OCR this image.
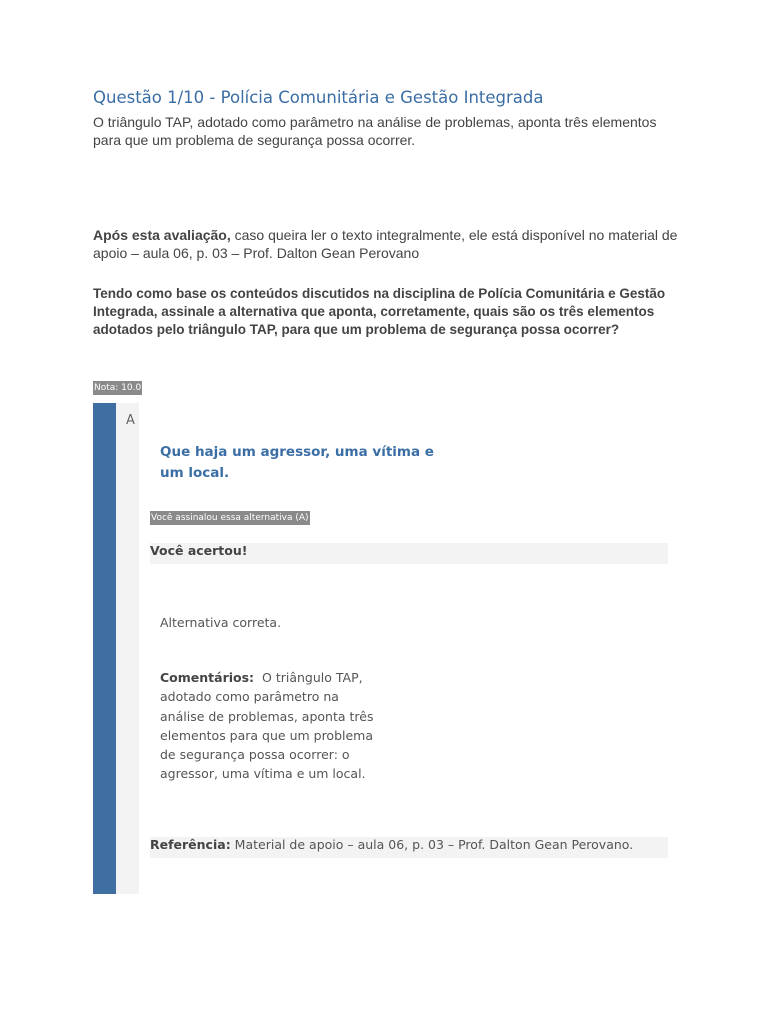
Questão 1/10 - Polícia Comunitária e Gestão Integrada

O triângulo TAP, adotado como parâmetro na análise de problemas, aponta três elementos para que um problema de segurança possa ocorrer.

Após esta avaliação, caso queira ler o texto integralmente, ele está disponível no material de apoio – aula 06, p. 03 – Prof. Dalton Gean Perovano

Tendo como base os conteúdos discutidos na disciplina de Polícia Comunitária e Gestão Integrada, assinale a alternativa que aponta, corretamente, quais são os três elementos adotados pelo triângulo TAP, para que um problema de segurança possa ocorrer?

Nota: 10.0
A

Que haja um agressor, uma vítima e um local.

Você assinalou essa alternativa (A)
Você acertou!

Alternativa correta.

Comentários: O triângulo TAP, adotado como parâmetro na análise de problemas, aponta três elementos para que um problema de segurança possa ocorrer: o agressor, uma vítima e um local.

Referência: Material de apoio – aula 06, p. 03 – Prof. Dalton Gean Perovano.
